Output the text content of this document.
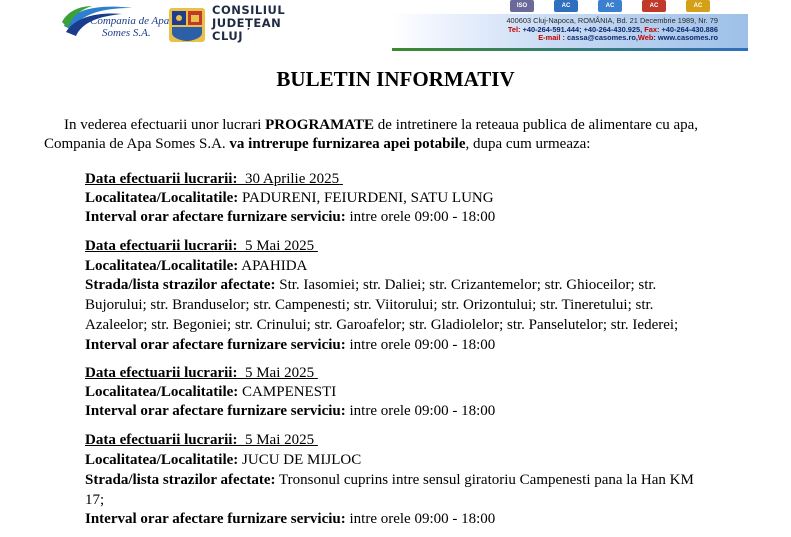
Compania de Apa
Somes S.A.
CONSILIUL
JUDEȚEAN
CLUJ
ISO	AC	AC	AC	AC
400603 Cluj-Napoca, ROMÂNIA, Bd. 21 Decembrie 1989, Nr. 79
Tel: +40-264-591.444; +40-264-430.925, Fax: +40-264-430.886
E-mail : cassa@casomes.ro,Web: www.casomes.ro
BULETIN INFORMATIV
In vederea efectuarii unor lucrari PROGRAMATE de intretinere la reteaua publica de alimentare cu apa,
Compania de Apa Somes S.A. va intrerupe furnizarea apei potabile, dupa cum urmeaza:
Data efectuarii lucrarii: 30 Aprilie 2025
Localitatea/Localitatile: PADURENI, FEIURDENI, SATU LUNG
Interval orar afectare furnizare serviciu: intre orele 09:00 - 18:00
Data efectuarii lucrarii: 5 Mai 2025
Localitatea/Localitatile: APAHIDA
Strada/lista strazilor afectate: Str. Iasomiei; str. Daliei; str. Crizantemelor; str. Ghioceilor; str.
Bujorului; str. Branduselor; str. Campenesti; str. Viitorului; str. Orizontului; str. Tineretului; str.
Azaleelor; str. Begoniei; str. Crinului; str. Garoafelor; str. Gladiolelor; str. Panselutelor; str. Iederei;
Interval orar afectare furnizare serviciu: intre orele 09:00 - 18:00
Data efectuarii lucrarii: 5 Mai 2025
Localitatea/Localitatile: CAMPENESTI
Interval orar afectare furnizare serviciu: intre orele 09:00 - 18:00
Data efectuarii lucrarii: 5 Mai 2025
Localitatea/Localitatile: JUCU DE MIJLOC
Strada/lista strazilor afectate: Tronsonul cuprins intre sensul giratoriu Campenesti pana la Han KM
17;
Interval orar afectare furnizare serviciu: intre orele 09:00 - 18:00
